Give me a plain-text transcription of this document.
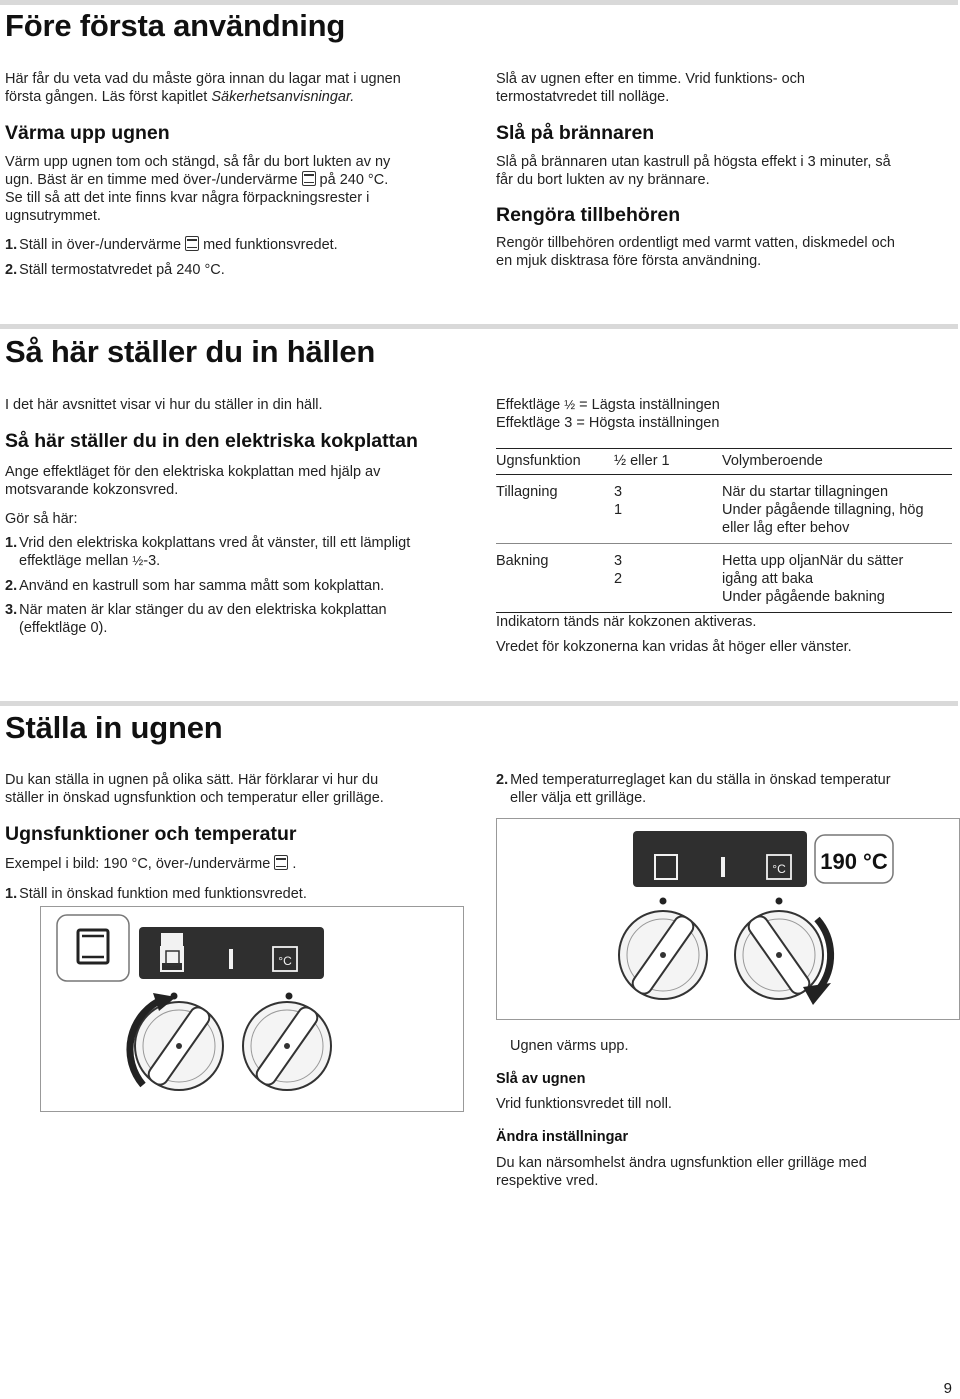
Före första användning

Här får du veta vad du måste göra innan du lagar mat i ugnen

första gången. Läs först kapitlet Säkerhetsanvisningar.

Värma upp ugnen

Värm upp ugnen tom och stängd, så får du bort lukten av ny

ugn. Bäst är en timme med över-/undervärme på 240 °C.

Se till så att det inte finns kvar några förpackningsrester i

ugnsutrymmet.

1. Ställ in över-/undervärme med funktionsvredet.

2. Ställ termostatvredet på 240 °C.

Slå av ugnen efter en timme. Vrid funktions- och

termostatvredet till nolläge.

Slå på brännaren

Slå på brännaren utan kastrull på högsta effekt i 3 minuter, så

får du bort lukten av ny brännare.

Rengöra tillbehören

Rengör tillbehören ordentligt med varmt vatten, diskmedel och

en mjuk disktrasa före första användning.

Så här ställer du in hällen

I det här avsnittet visar vi hur du ställer in din häll.

Så här ställer du in den elektriska kokplattan

Ange effektläget för den elektriska kokplattan med hjälp av

motsvarande kokzonsvred.

Gör så här:

1. Vrid den elektriska kokplattans vred åt vänster, till ett lämpligt

effektläge mellan ½-3.

2. Använd en kastrull som har samma mått som kokplattan.

3. När maten är klar stänger du av den elektriska kokplattan

(effektläge 0).

Effektläge ½ = Lägsta inställningen

Effektläge 3 = Högsta inställningen

Ugnsfunktion	½ eller 1	Volymberoende
Tillagning	3	När du startar tillagningen
	1	Under pågående tillagning, hög
		eller låg efter behov
Bakning	3	Hetta upp oljanNär du sätter
	2	igång att baka
		Under pågående bakning

Indikatorn tänds när kokzonen aktiveras.

Vredet för kokzonerna kan vridas åt höger eller vänster.

Ställa in ugnen

Du kan ställa in ugnen på olika sätt. Här förklarar vi hur du

ställer in önskad ugnsfunktion och temperatur eller grilläge.

Ugnsfunktioner och temperatur

Exempel i bild: 190 °C, över-/undervärme .

1. Ställ in önskad funktion med funktionsvredet.

°C

2. Med temperaturreglaget kan du ställa in önskad temperatur

eller välja ett grilläge.

°C 190 °C

Ugnen värms upp.

Slå av ugnen

Vrid funktionsvredet till noll.

Ändra inställningar

Du kan närsomhelst ändra ugnsfunktion eller grilläge med

respektive vred.

9
